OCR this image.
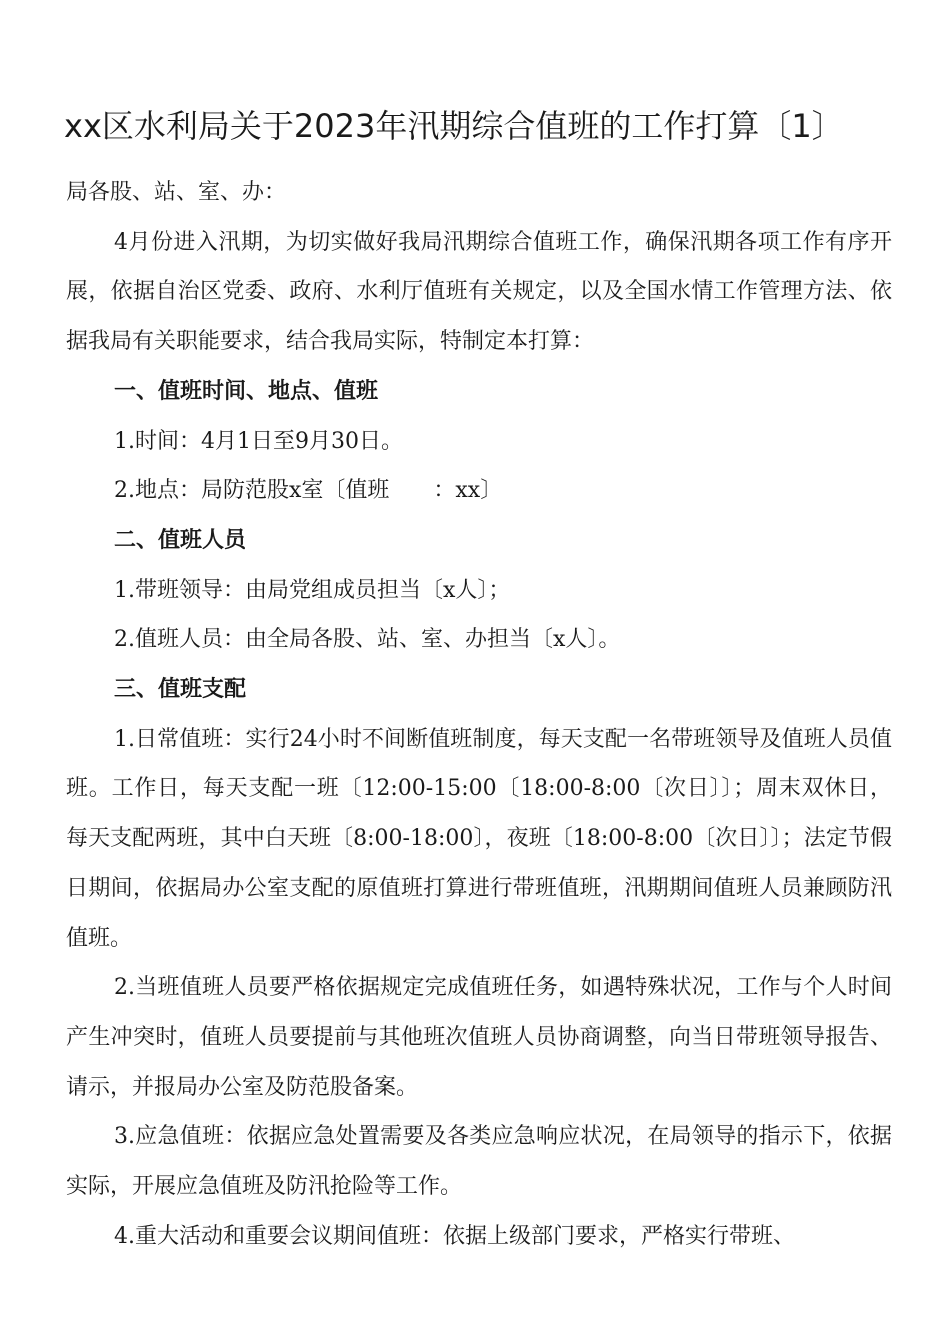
xx区水利局关于2023年汛期综合值班的工作打算〔1〕

局各股、站、室、办：

4月份进入汛期，为切实做好我局汛期综合值班工作，确保汛期各项工作有序开展，依据自治区党委、政府、水利厅值班有关规定，以及全国水情工作管理方法、依据我局有关职能要求，结合我局实际，特制定本打算：

一、值班时间、地点、值班

1.时间：4月1日至9月30日。

2.地点：局防范股x室〔值班　　：xx〕

二、值班人员

1.带班领导：由局党组成员担当〔x人〕；

2.值班人员：由全局各股、站、室、办担当〔x人〕。

三、值班支配

1.日常值班：实行24小时不间断值班制度，每天支配一名带班领导及值班人员值班。工作日，每天支配一班〔12:00-15:00〔18:00-8:00〔次日〕〕；周末双休日，每天支配两班，其中白天班〔8:00-18:00〕，夜班〔18:00-8:00〔次日〕〕；法定节假日期间，依据局办公室支配的原值班打算进行带班值班，汛期期间值班人员兼顾防汛值班。

2.当班值班人员要严格依据规定完成值班任务，如遇特殊状况，工作与个人时间产生冲突时，值班人员要提前与其他班次值班人员协商调整，向当日带班领导报告、请示，并报局办公室及防范股备案。

3.应急值班：依据应急处置需要及各类应急响应状况，在局领导的指示下，依据实际，开展应急值班及防汛抢险等工作。

4.重大活动和重要会议期间值班：依据上级部门要求，严格实行带班、
